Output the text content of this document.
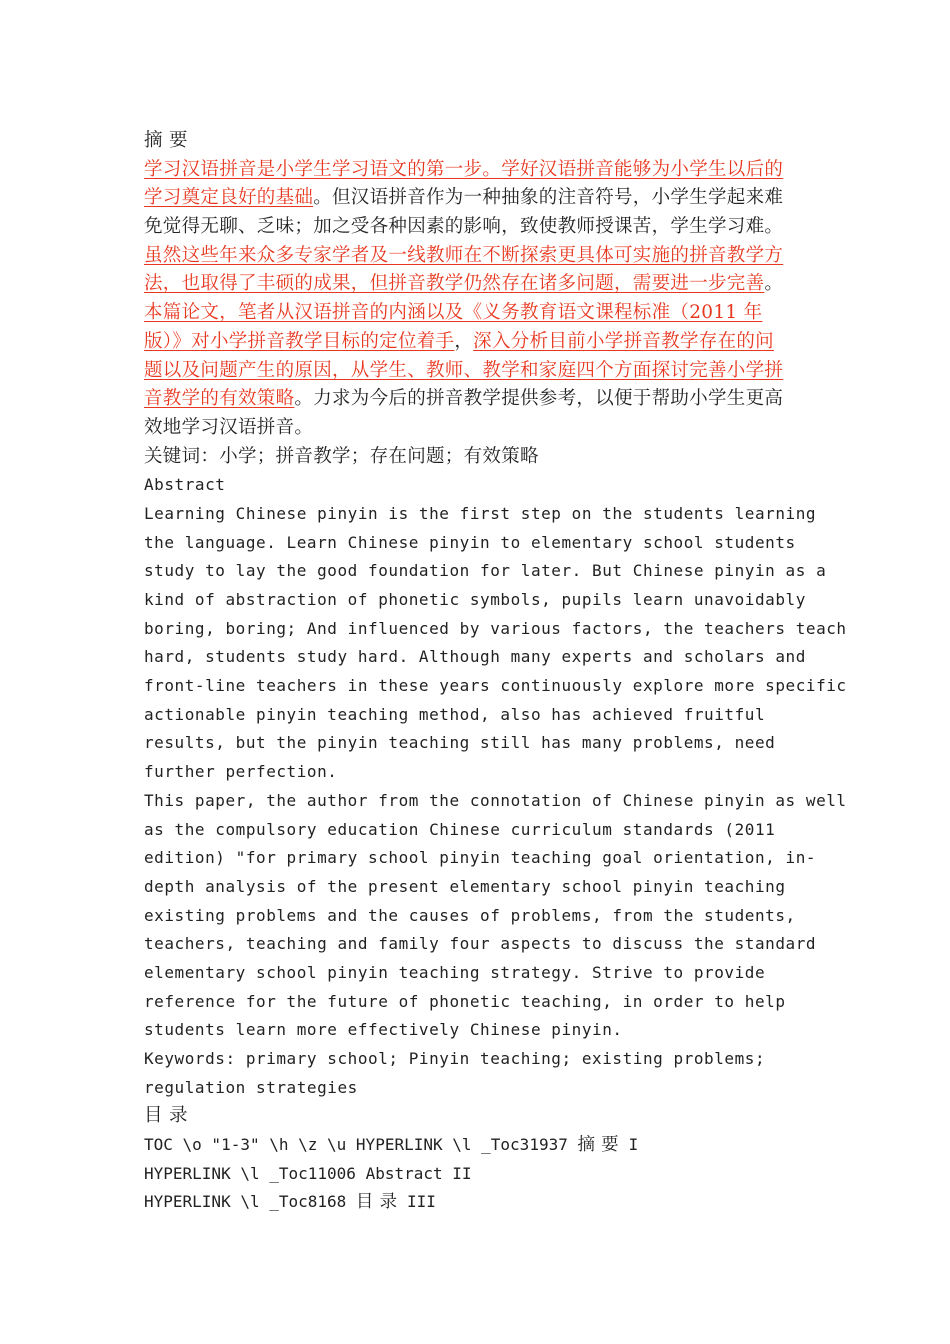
摘 要
学习汉语拼音是小学生学习语文的第一步。学好汉语拼音能够为小学生以后的
学习奠定良好的基础。但汉语拼音作为一种抽象的注音符号，小学生学起来难
免觉得无聊、乏味；加之受各种因素的影响，致使教师授课苦，学生学习难。
虽然这些年来众多专家学者及一线教师在不断探索更具体可实施的拼音教学方
法，也取得了丰硕的成果，但拼音教学仍然存在诸多问题，需要进一步完善。
本篇论文，笔者从汉语拼音的内涵以及《义务教育语文课程标准（2011 年
版）》对小学拼音教学目标的定位着手，深入分析目前小学拼音教学存在的问
题以及问题产生的原因，从学生、教师、教学和家庭四个方面探讨完善小学拼
音教学的有效策略。力求为今后的拼音教学提供参考，以便于帮助小学生更高
效地学习汉语拼音。
关键词：小学；拼音教学；存在问题；有效策略
Abstract
Learning Chinese pinyin is the first step on the students learning
the language. Learn Chinese pinyin to elementary school students
study to lay the good foundation for later. But Chinese pinyin as a
kind of abstraction of phonetic symbols, pupils learn unavoidably
boring, boring; And influenced by various factors, the teachers teach
hard, students study hard. Although many experts and scholars and
front-line teachers in these years continuously explore more specific
actionable pinyin teaching method, also has achieved fruitful
results, but the pinyin teaching still has many problems, need
further perfection.
This paper, the author from the connotation of Chinese pinyin as well
as the compulsory education Chinese curriculum standards (2011
edition) "for primary school pinyin teaching goal orientation, in-
depth analysis of the present elementary school pinyin teaching
existing problems and the causes of problems, from the students,
teachers, teaching and family four aspects to discuss the standard
elementary school pinyin teaching strategy. Strive to provide
reference for the future of phonetic teaching, in order to help
students learn more effectively Chinese pinyin.
Keywords: primary school; Pinyin teaching; existing problems;
regulation strategies
目 录
TOC \o "1-3" \h \z \u HYPERLINK \l _Toc31937 摘 要 I
HYPERLINK \l _Toc11006 Abstract II
HYPERLINK \l _Toc8168 目 录 III
